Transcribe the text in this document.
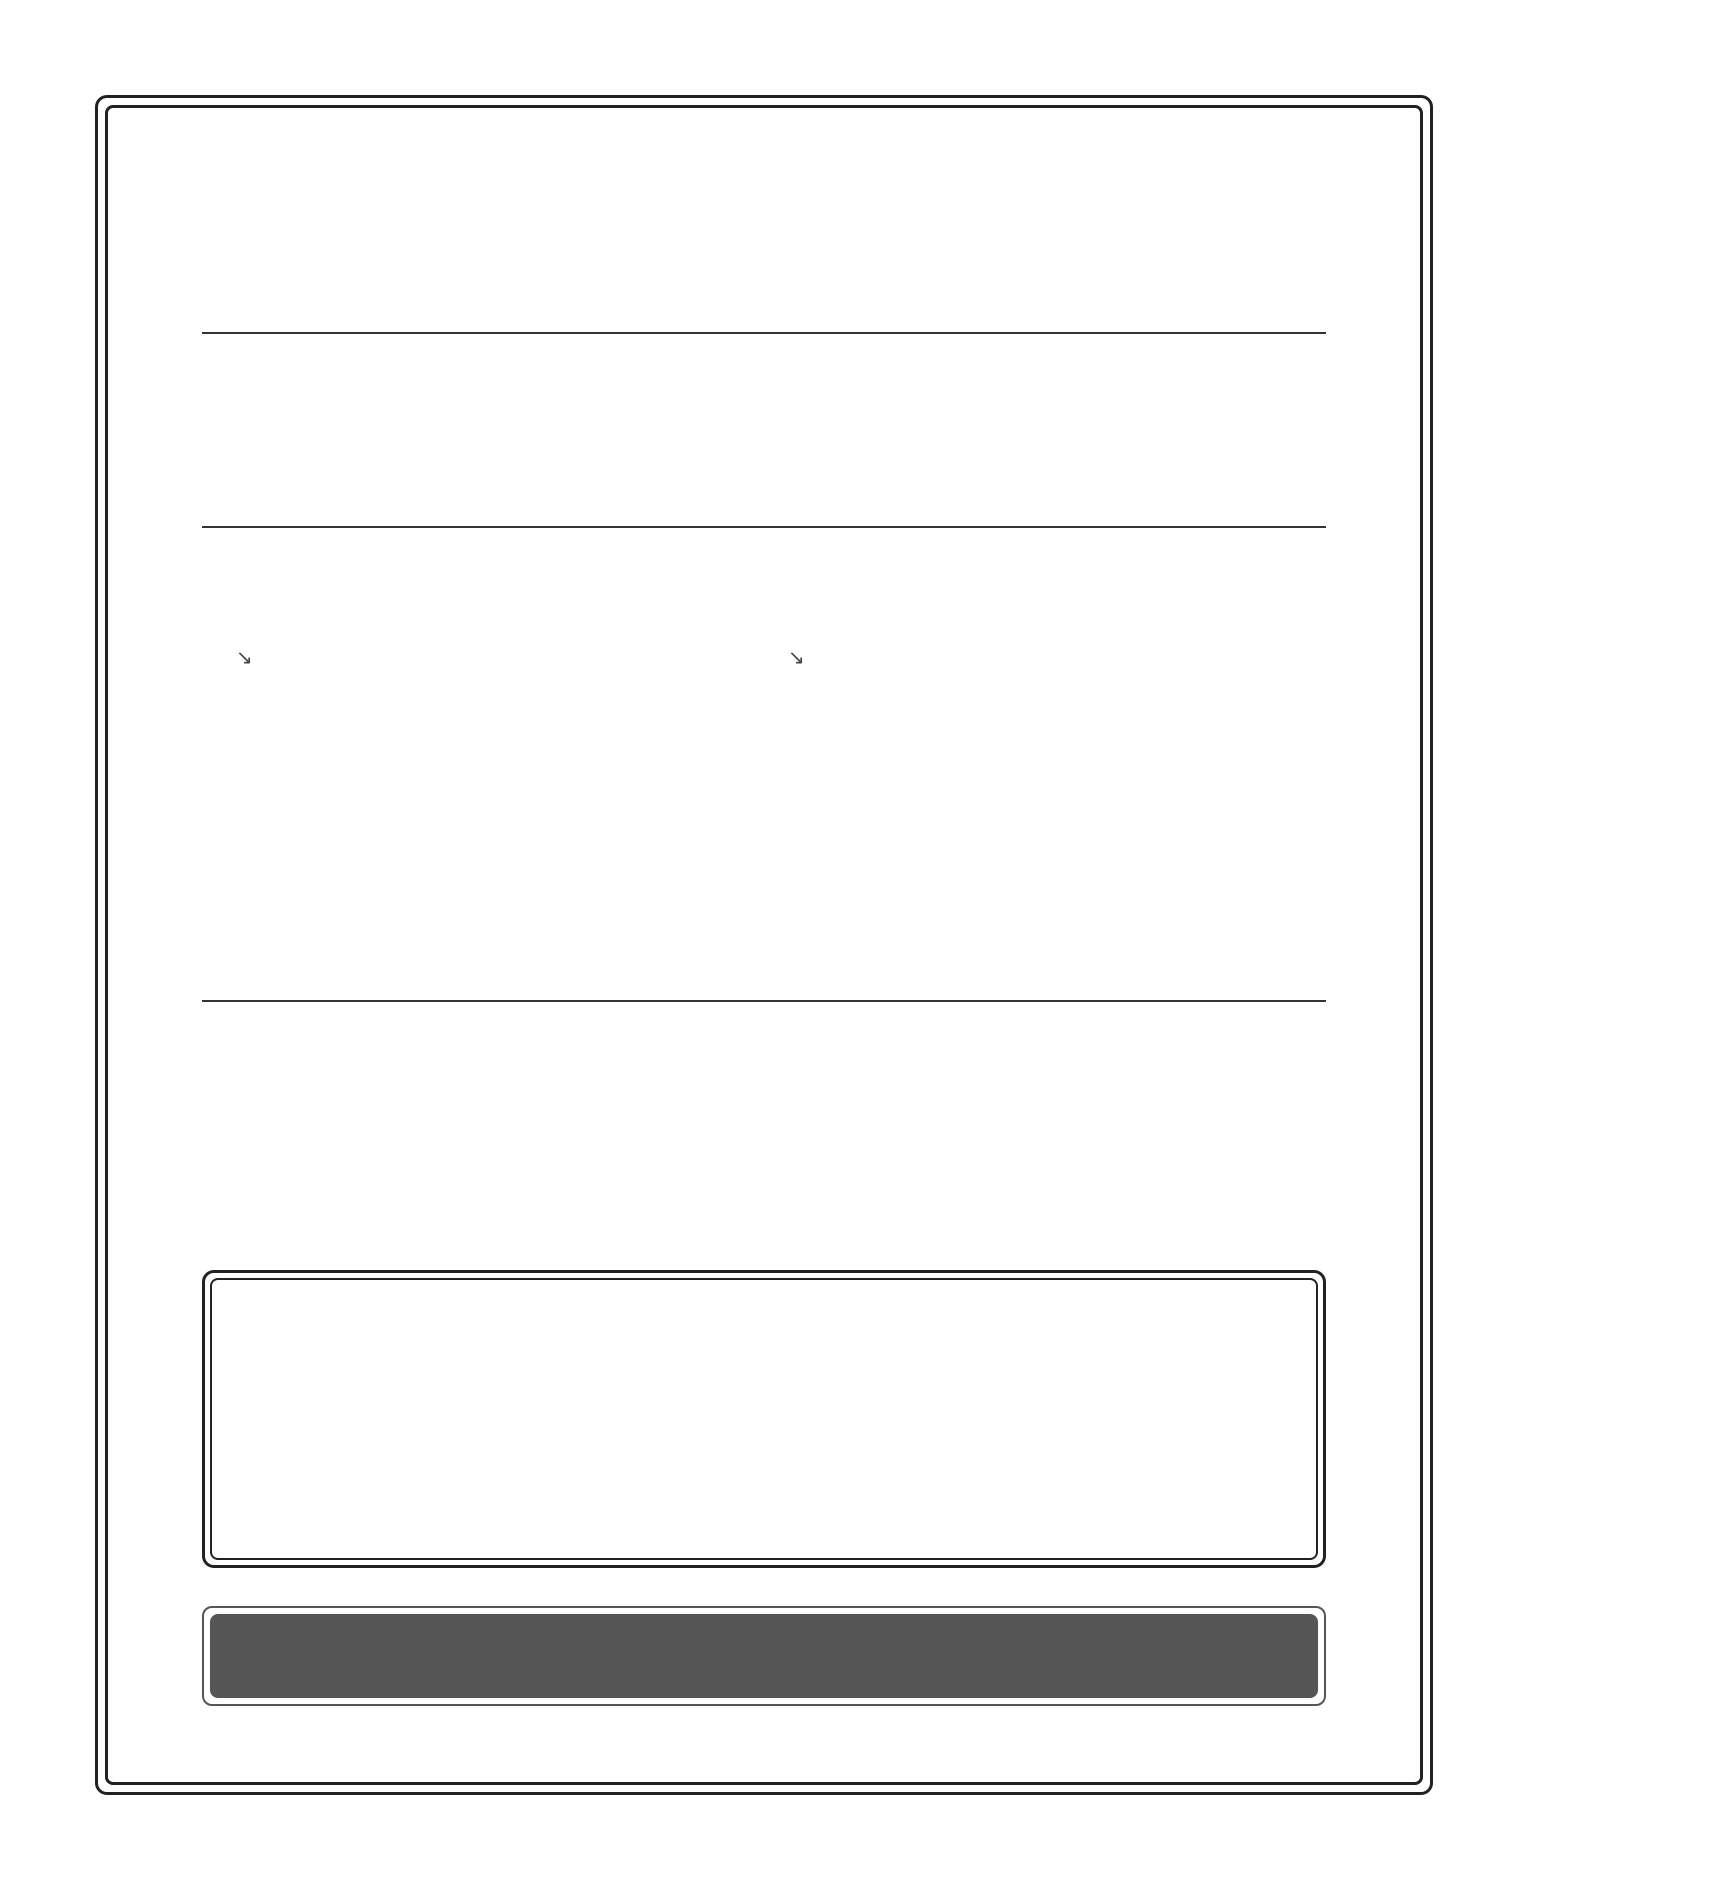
↘	↘
